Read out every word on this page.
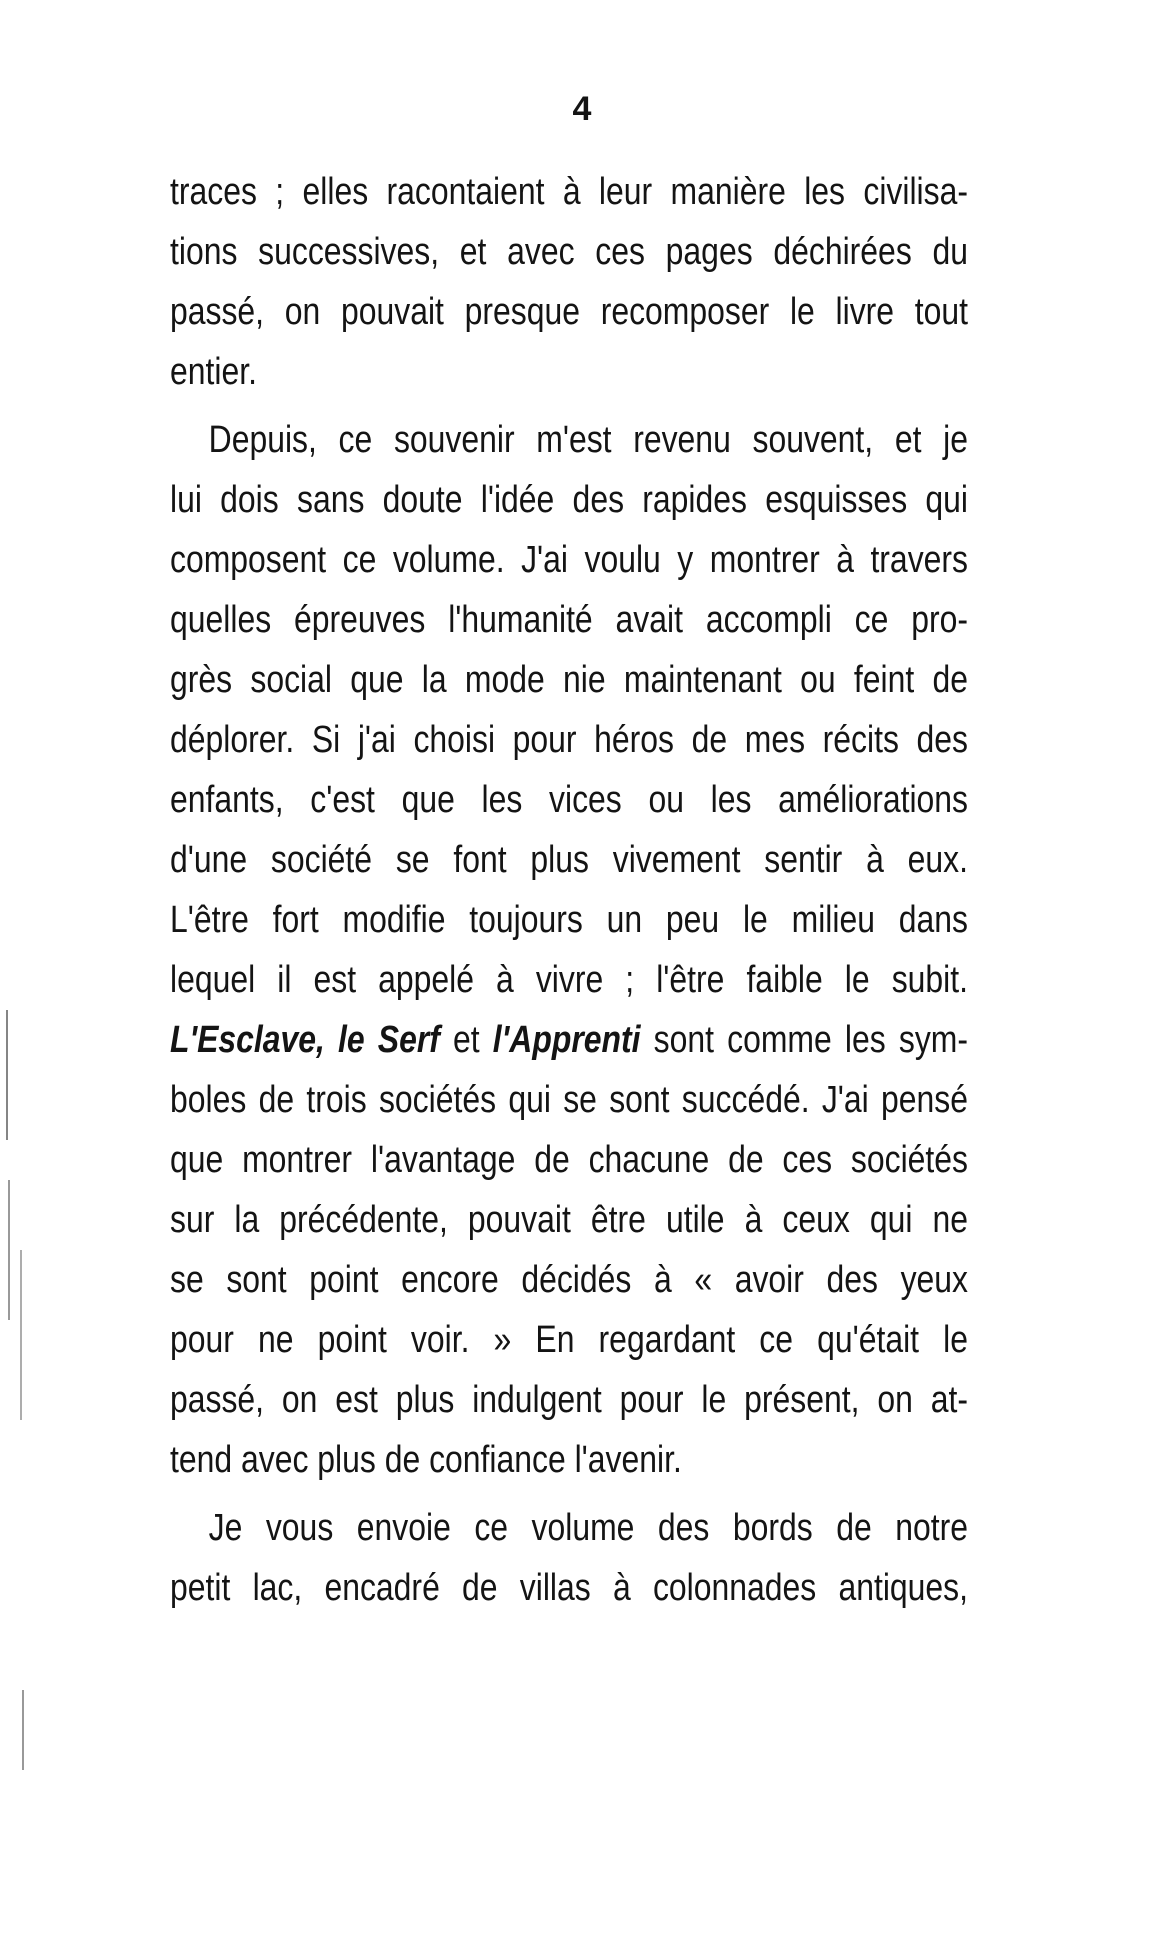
4
traces ; elles racontaient à leur manière les civilisa-
tions successives, et avec ces pages déchirées du
passé, on pouvait presque recomposer le livre tout
entier.
Depuis, ce souvenir m'est revenu souvent, et je
lui dois sans doute l'idée des rapides esquisses qui
composent ce volume. J'ai voulu y montrer à travers
quelles épreuves l'humanité avait accompli ce pro-
grès social que la mode nie maintenant ou feint de
déplorer. Si j'ai choisi pour héros de mes récits des
enfants, c'est que les vices ou les améliorations
d'une société se font plus vivement sentir à eux.
L'être fort modifie toujours un peu le milieu dans
lequel il est appelé à vivre ; l'être faible le subit.
L'Esclave, le Serf et l'Apprenti sont comme les sym-
boles de trois sociétés qui se sont succédé. J'ai pensé
que montrer l'avantage de chacune de ces sociétés
sur la précédente, pouvait être utile à ceux qui ne
se sont point encore décidés à « avoir des yeux
pour ne point voir. » En regardant ce qu'était le
passé, on est plus indulgent pour le présent, on at-
tend avec plus de confiance l'avenir.
Je vous envoie ce volume des bords de notre
petit lac, encadré de villas à colonnades antiques,
